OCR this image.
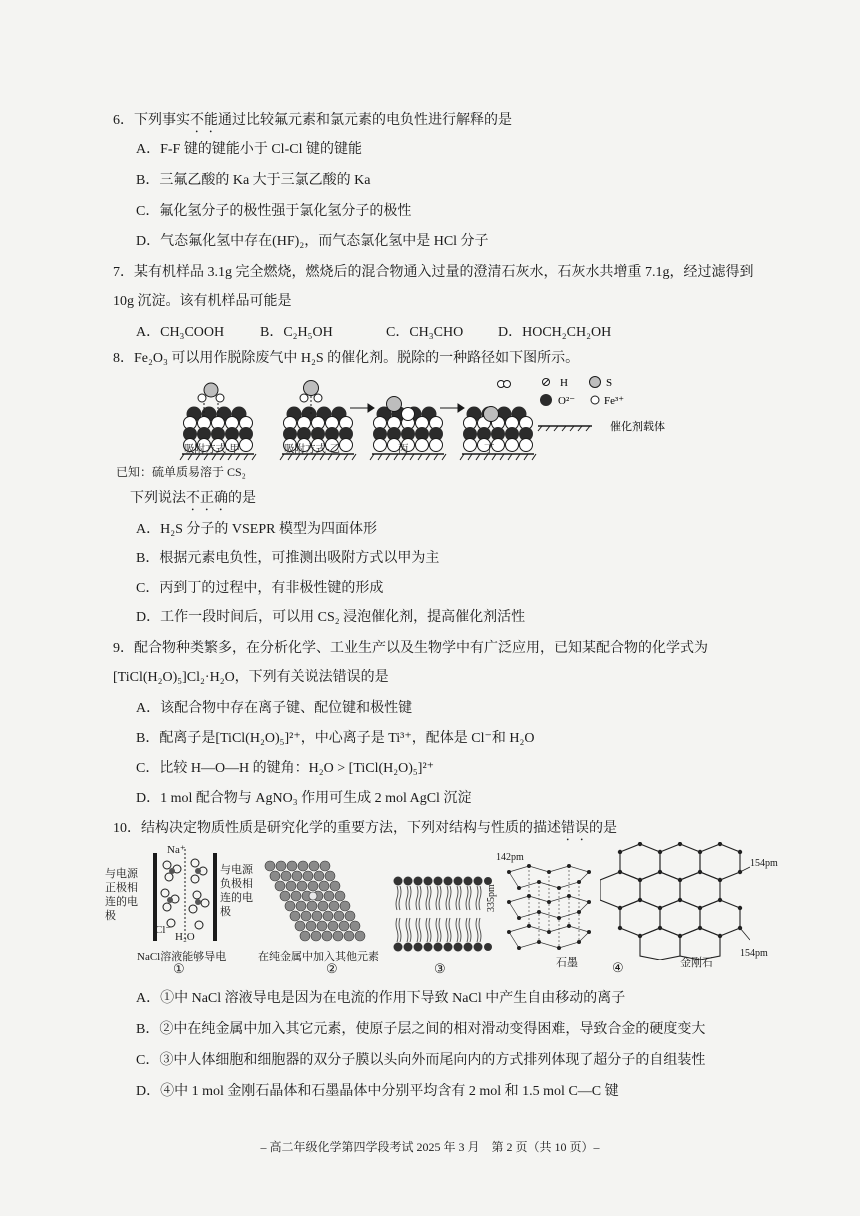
6．下列事实不能通过比较氟元素和氯元素的电负性进行解释的是
A．F-F 键的键能小于 Cl-Cl 键的键能
B．三氟乙酸的 Ka 大于三氯乙酸的 Ka
C．氟化氢分子的极性强于氯化氢分子的极性
D．气态氟化氢中存在(HF)₂，而气态氯化氢中是 HCl 分子
7．某有机样品 3.1g 完全燃烧，燃烧后的混合物通入过量的澄清石灰水，石灰水共增重 7.1g，经过滤得到
10g 沉淀。该有机样品可能是
A．CH₃COOH	B．C₂H₅OH	C．CH₃CHO D．HOCH₂CH₂OH
8．Fe₂O₃ 可以用作脱除废气中 H₂S 的催化剂。脱除的一种路径如下图所示。
H	S
O²⁻	Fe³⁺
催化剂载体
吸附方式-甲	吸附方式-乙	丙	丁
已知：硫单质易溶于 CS₂
下列说法不正确的是
A．H₂S 分子的 VSEPR 模型为四面体形
B．根据元素电负性，可推测出吸附方式以甲为主
C．丙到丁的过程中，有非极性键的形成
D．工作一段时间后，可以用 CS₂ 浸泡催化剂，提高催化剂活性
9．配合物种类繁多，在分析化学、工业生产以及生物学中有广泛应用，已知某配合物的化学式为
[TiCl(H₂O)₅]Cl₂·H₂O，下列有关说法错误的是
A．该配合物中存在离子键、配位键和极性键
B．配离子是[TiCl(H₂O)₅]²⁺，中心离子是 Ti³⁺，配体是 Cl⁻和 H₂O
C．比较 H—O—H 的键角：H₂O > [TiCl(H₂O)₅]²⁺
D．1 mol 配合物与 AgNO₃ 作用可生成 2 mol AgCl 沉淀
10．结构决定物质性质是研究化学的重要方法，下列对结构与性质的描述错误的是
与电源
正极相
连的电
极
与电源
负极相
连的电
极
Na⁺
Cl⁻
H₂O
NaCl溶液能够导电
①
在纯金属中加入其他元素
②	③
142pm
335pm
石墨
154pm
154pm
金刚石
④
A．①中 NaCl 溶液导电是因为在电流的作用下导致 NaCl 中产生自由移动的离子
B．②中在纯金属中加入其它元素，使原子层之间的相对滑动变得困难，导致合金的硬度变大
C．③中人体细胞和细胞器的双分子膜以头向外而尾向内的方式排列体现了超分子的自组装性
D．④中 1 mol 金刚石晶体和石墨晶体中分别平均含有 2 mol 和 1.5 mol C—C 键
– 高二年级化学第四学段考试 2025 年 3 月　第 2 页（共 10 页）–
